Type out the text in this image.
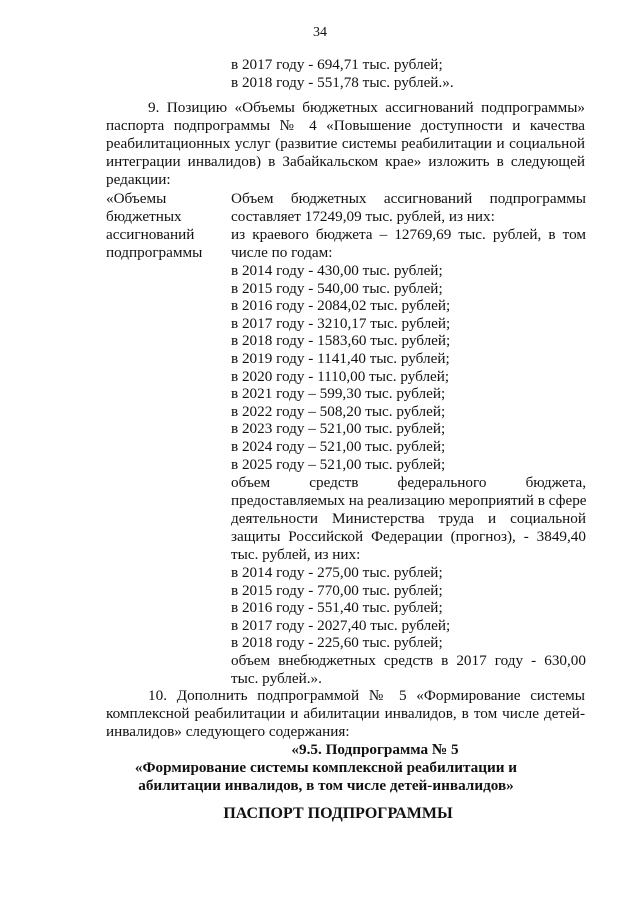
34
в 2017 году - 694,71 тыс. рублей;
в 2018 году - 551,78 тыс. рублей.».
9. Позицию «Объемы бюджетных ассигнований подпрограммы»
паспорта подпрограммы № 4 «Повышение доступности и качества
реабилитационных услуг (развитие системы реабилитации и социальной
интеграции инвалидов) в Забайкальском крае» изложить в следующей
редакции:
«Объемы
бюджетных
ассигнований
подпрограммы
Объем бюджетных ассигнований подпрограммы
составляет 17249,09 тыс. рублей, из них:
из краевого бюджета – 12769,69 тыс. рублей, в том
числе по годам:
в 2014 году - 430,00 тыс. рублей;
в 2015 году - 540,00 тыс. рублей;
в 2016 году - 2084,02 тыс. рублей;
в 2017 году - 3210,17 тыс. рублей;
в 2018 году - 1583,60 тыс. рублей;
в 2019 году - 1141,40 тыс. рублей;
в 2020 году - 1110,00 тыс. рублей;
в 2021 году – 599,30 тыс. рублей;
в 2022 году – 508,20 тыс. рублей;
в 2023 году – 521,00 тыс. рублей;
в 2024 году – 521,00 тыс. рублей;
в 2025 году – 521,00 тыс. рублей;
объем средств федерального бюджета,
предоставляемых на реализацию мероприятий в сфере
деятельности Министерства труда и социальной
защиты Российской Федерации (прогноз), - 3849,40
тыс. рублей, из них:
в 2014 году - 275,00 тыс. рублей;
в 2015 году - 770,00 тыс. рублей;
в 2016 году - 551,40 тыс. рублей;
в 2017 году - 2027,40 тыс. рублей;
в 2018 году - 225,60 тыс. рублей;
объем внебюджетных средств в 2017 году - 630,00
тыс. рублей.».
10. Дополнить подпрограммой № 5 «Формирование системы
комплексной реабилитации и абилитации инвалидов, в том числе детей-
инвалидов» следующего содержания:
«9.5. Подпрограмма № 5
«Формирование системы комплексной реабилитации и
абилитации инвалидов, в том числе детей-инвалидов»
ПАСПОРТ ПОДПРОГРАММЫ
